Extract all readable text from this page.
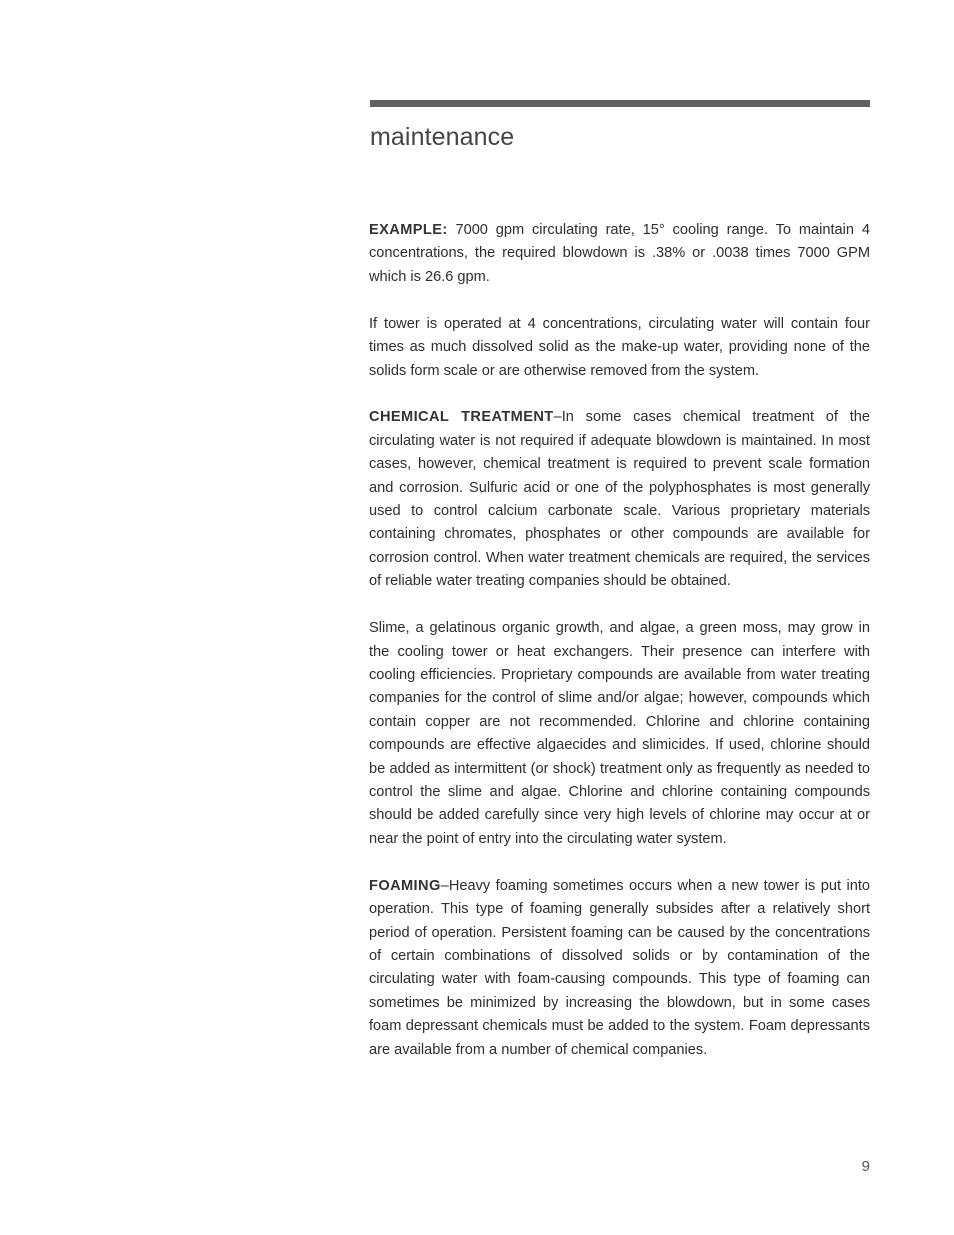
maintenance

EXAMPLE: 7000 gpm circulating rate, 15° cooling range. To maintain 4 concentrations, the required blowdown is .38% or .0038 times 7000 GPM which is 26.6 gpm.

If tower is operated at 4 concentrations, circulating water will contain four times as much dissolved solid as the make-up water, providing none of the solids form scale or are otherwise removed from the system.

CHEMICAL TREATMENT–In some cases chemical treatment of the circulating water is not required if adequate blowdown is maintained. In most cases, however, chemical treatment is required to prevent scale formation and corrosion. Sulfuric acid or one of the polyphosphates is most generally used to control calcium carbonate scale. Various proprietary materials containing chromates, phosphates or other compounds are available for corrosion control. When water treatment chemicals are required, the services of reliable water treating companies should be obtained.

Slime, a gelatinous organic growth, and algae, a green moss, may grow in the cooling tower or heat exchangers. Their presence can interfere with cooling efficiencies. Proprietary compounds are available from water treating companies for the control of slime and/or algae; however, compounds which contain copper are not recommended. Chlorine and chlorine containing compounds are effective algaecides and slimicides. If used, chlorine should be added as intermittent (or shock) treatment only as frequently as needed to control the slime and algae. Chlorine and chlorine containing compounds should be added carefully since very high levels of chlorine may occur at or near the point of entry into the circulating water system.

FOAMING–Heavy foaming sometimes occurs when a new tower is put into operation. This type of foaming generally subsides after a relatively short period of operation. Persistent foaming can be caused by the concentrations of certain combinations of dissolved solids or by contamination of the circulating water with foam-causing compounds. This type of foaming can sometimes be minimized by increasing the blowdown, but in some cases foam depressant chemicals must be added to the system. Foam depressants are available from a number of chemical companies.

9
